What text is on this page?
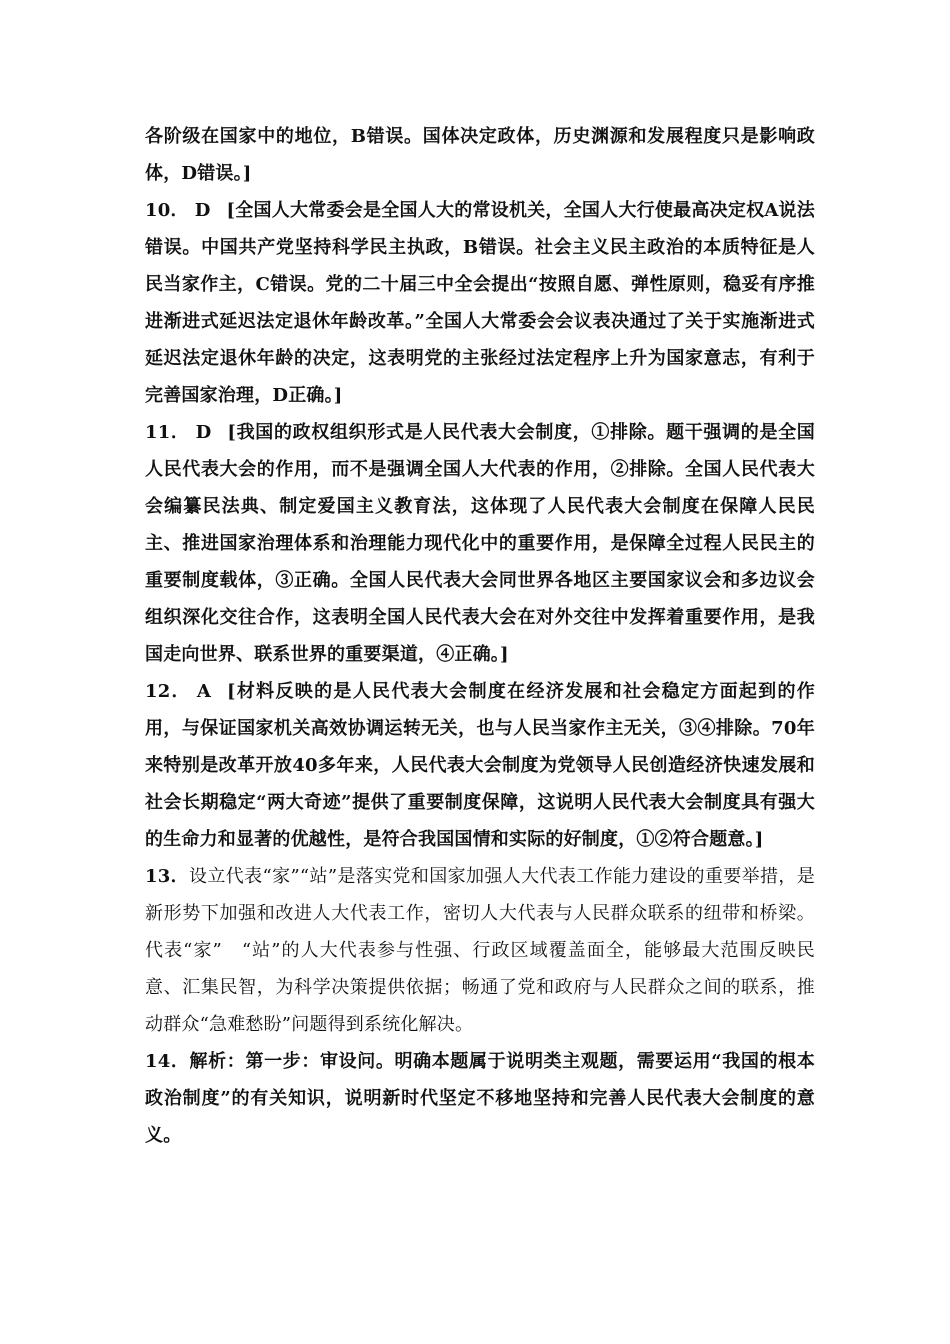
各阶级在国家中的地位，B错误。国体决定政体，历史渊源和发展程度只是影响政体，D错误。]

10． D [全国人大常委会是全国人大的常设机关，全国人大行使最高决定权A说法错误。中国共产党坚持科学民主执政，B错误。社会主义民主政治的本质特征是人民当家作主，C错误。党的二十届三中全会提出“按照自愿、弹性原则，稳妥有序推进渐进式延迟法定退休年龄改革。”全国人大常委会会议表决通过了关于实施渐进式延迟法定退休年龄的决定，这表明党的主张经过法定程序上升为国家意志，有利于完善国家治理，D正确。]

11． D [我国的政权组织形式是人民代表大会制度，①排除。题干强调的是全国人民代表大会的作用，而不是强调全国人大代表的作用，②排除。全国人民代表大会编纂民法典、制定爱国主义教育法，这体现了人民代表大会制度在保障人民民主、推进国家治理体系和治理能力现代化中的重要作用，是保障全过程人民民主的重要制度载体，③正确。全国人民代表大会同世界各地区主要国家议会和多边议会组织深化交往合作，这表明全国人民代表大会在对外交往中发挥着重要作用，是我国走向世界、联系世界的重要渠道，④正确。]

12． A [材料反映的是人民代表大会制度在经济发展和社会稳定方面起到的作用，与保证国家机关高效协调运转无关，也与人民当家作主无关，③④排除。70年来特别是改革开放40多年来，人民代表大会制度为党领导人民创造经济快速发展和社会长期稳定“两大奇迹”提供了重要制度保障，这说明人民代表大会制度具有强大的生命力和显著的优越性，是符合我国国情和实际的好制度，①②符合题意。]

13．设立代表“家”“站”是落实党和国家加强人大代表工作能力建设的重要举措，是新形势下加强和改进人大代表工作，密切人大代表与人民群众联系的纽带和桥梁。代表“家”　“站”的人大代表参与性强、行政区域覆盖面全，能够最大范围反映民意、汇集民智，为科学决策提供依据；畅通了党和政府与人民群众之间的联系，推动群众“急难愁盼”问题得到系统化解决。

14．解析：第一步：审设问。明确本题属于说明类主观题，需要运用“我国的根本政治制度”的有关知识，说明新时代坚定不移地坚持和完善人民代表大会制度的意义。
